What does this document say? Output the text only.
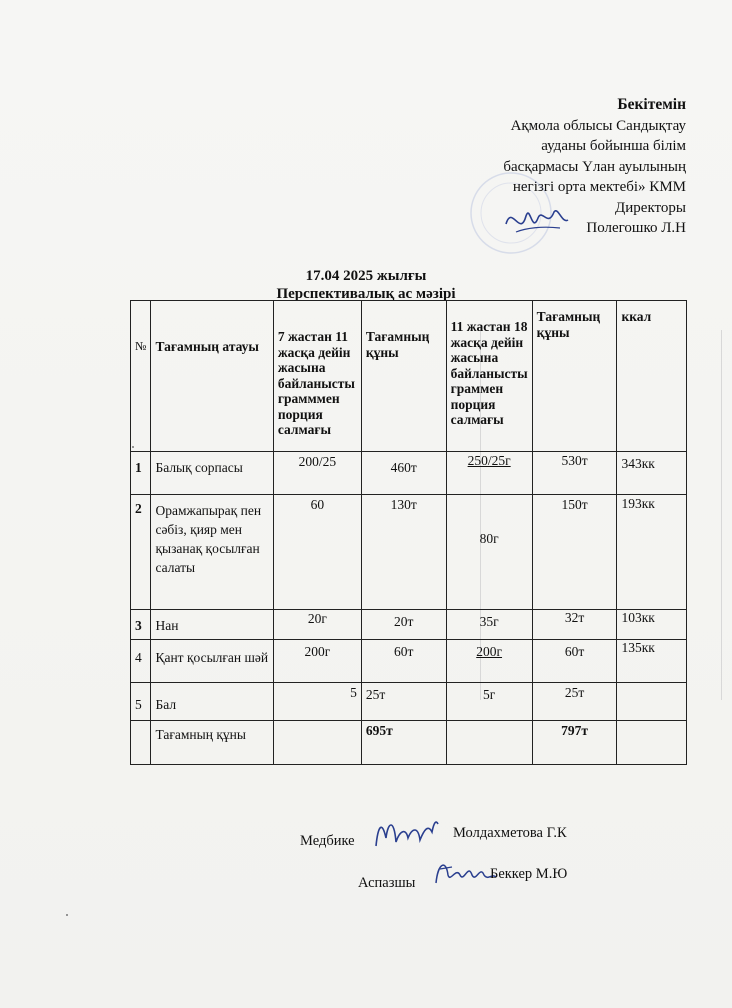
Бекітемін
Ақмола облысы Сандықтау
ауданы бойынша білім
басқармасы Үлан ауылының
негізгі орта мектебі» КММ
Директоры
Полегошко Л.Н
17.04 2025 жылғы
Перспективалық ас мәзірі
№	Тағамның атауы	7 жастан 11 жасқа дейін жасына байланысты грамммен порция салмағы	Тағамның құны	11 жастан 18 жасқа дейін жасына байланысты граммен порция салмағы	Тағамның құны	ккал
1	Балық сорпасы	200/25	460т	250/25г	530т	343кк
2	Орамжапырақ пен сәбіз, қияр мен қызанақ қосылған салаты	60	130т	80г	150т	193кк
3	Нан	20г	20т	35г	32т	103кк
4	Қант қосылған шәй	200г	60т	200г	60т	135кк
5	Бал	5	25т	5г	25т	
	Тағамның құны		695т		797т	
Медбике	Молдахметова Г.К
Аспазшы
Беккер М.Ю
